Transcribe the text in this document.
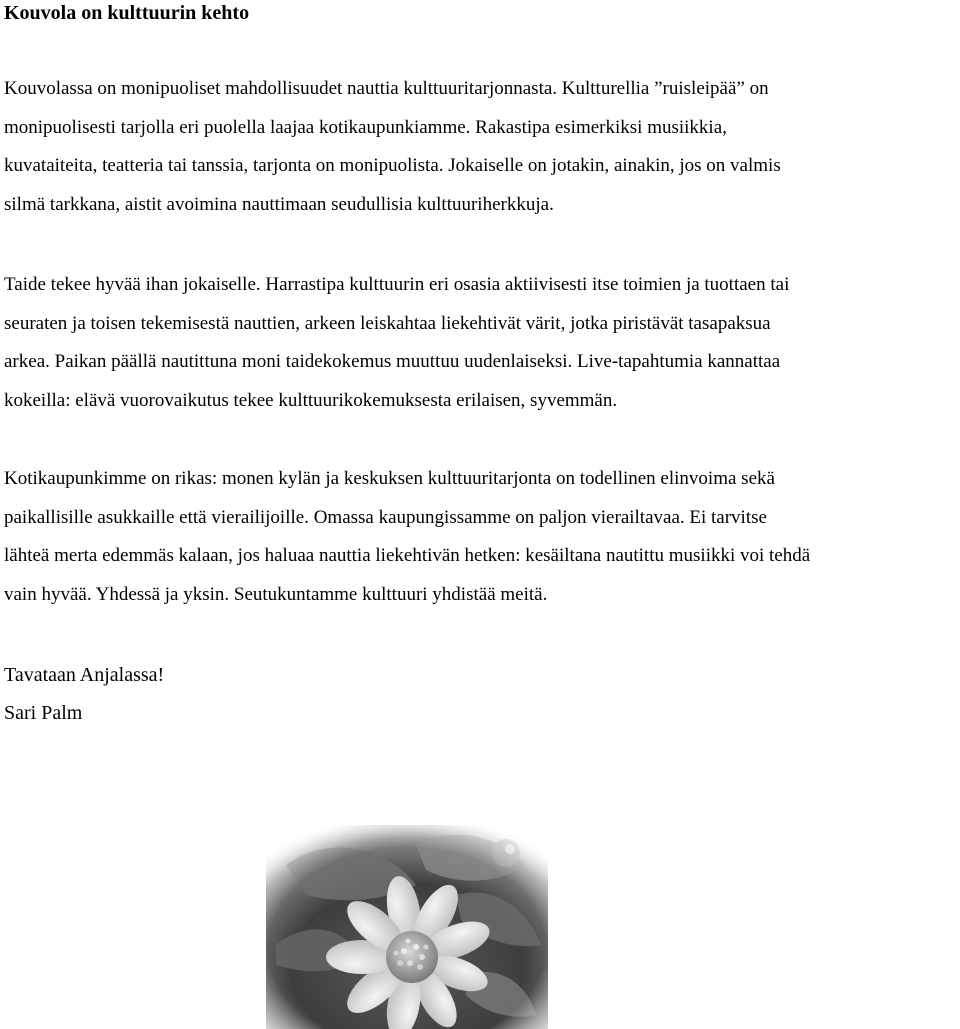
Kouvola on kulttuurin kehto

Kouvolassa on monipuoliset mahdollisuudet nauttia kulttuuritarjonnasta. Kultturellia ”ruisleipää” on
monipuolisesti tarjolla eri puolella laajaa kotikaupunkiamme. Rakastipa esimerkiksi musiikkia,
kuvataiteita, teatteria tai tanssia, tarjonta on monipuolista. Jokaiselle on jotakin, ainakin, jos on valmis
silmä tarkkana, aistit avoimina nauttimaan seudullisia kulttuuriherkkuja.

Taide tekee hyvää ihan jokaiselle. Harrastipa kulttuurin eri osasia aktiivisesti itse toimien ja tuottaen tai
seuraten ja toisen tekemisestä nauttien, arkeen leiskahtaa liekehtivät värit, jotka piristävät tasapaksua
arkea. Paikan päällä nautittuna moni taidekokemus muuttuu uudenlaiseksi. Live-tapahtumia kannattaa
kokeilla: elävä vuorovaikutus tekee kulttuurikokemuksesta erilaisen, syvemmän.

Kotikaupunkimme on rikas: monen kylän ja keskuksen kulttuuritarjonta on todellinen elinvoima sekä
paikallisille asukkaille että vierailijoille. Omassa kaupungissamme on paljon vierailtavaa. Ei tarvitse
lähteä merta edemmäs kalaan, jos haluaa nauttia liekehtivän hetken: kesäiltana nautittu musiikki voi tehdä
vain hyvää. Yhdessä ja yksin. Seutukuntamme kulttuuri yhdistää meitä.

Tavataan Anjalassa!
Sari Palm
